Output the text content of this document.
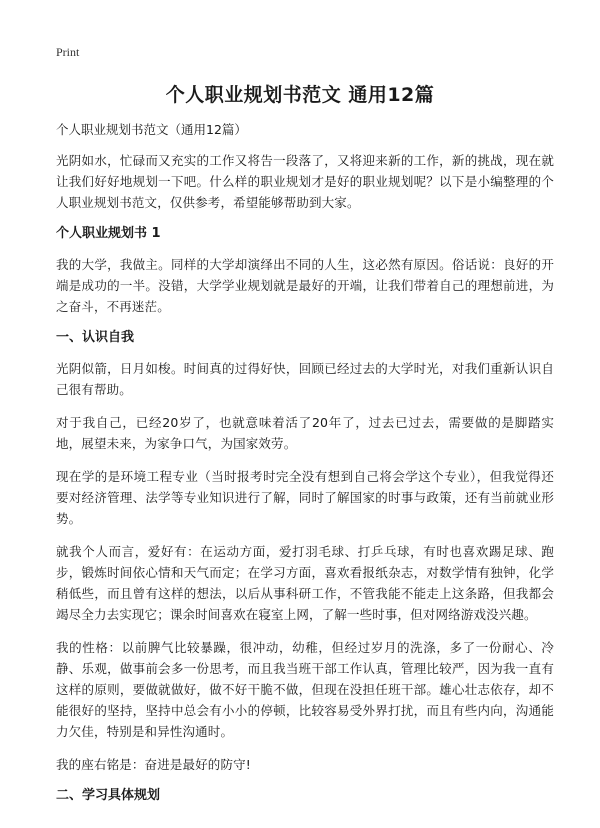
Print
个人职业规划书范文 通用12篇
个人职业规划书范文（通用12篇）

光阴如水，忙碌而又充实的工作又将告一段落了，又将迎来新的工作，新的挑战，现在就让我们好好地规划一下吧。什么样的职业规划才是好的职业规划呢？以下是小编整理的个人职业规划书范文，仅供参考，希望能够帮助到大家。

个人职业规划书 1

我的大学，我做主。同样的大学却演绎出不同的人生，这必然有原因。俗话说：良好的开端是成功的一半。没错，大学学业规划就是最好的开端，让我们带着自己的理想前进，为之奋斗，不再迷茫。

一、认识自我

光阴似箭，日月如梭。时间真的过得好快，回顾已经过去的大学时光，对我们重新认识自己很有帮助。

对于我自己，已经20岁了，也就意味着活了20年了，过去已过去，需要做的是脚踏实地，展望未来，为家争口气，为国家效劳。

现在学的是环境工程专业（当时报考时完全没有想到自己将会学这个专业），但我觉得还要对经济管理、法学等专业知识进行了解，同时了解国家的时事与政策，还有当前就业形势。

就我个人而言，爱好有：在运动方面，爱打羽毛球、打乒乓球，有时也喜欢踢足球、跑步，锻炼时间依心情和天气而定；在学习方面，喜欢看报纸杂志，对数学情有独钟，化学稍低些，而且曾有这样的想法，以后从事科研工作，不管我能不能走上这条路，但我都会竭尽全力去实现它；课余时间喜欢在寝室上网，了解一些时事，但对网络游戏没兴趣。

我的性格：以前脾气比较暴躁，很冲动，幼稚，但经过岁月的洗涤，多了一份耐心、冷静、乐观，做事前会多一份思考，而且我当班干部工作认真，管理比较严，因为我一直有这样的原则，要做就做好，做不好干脆不做，但现在没担任班干部。雄心壮志依存，却不能很好的坚持，坚持中总会有小小的停顿，比较容易受外界打扰，而且有些内向，沟通能力欠佳，特别是和异性沟通时。

我的座右铭是：奋进是最好的防守!

二、学习具体规划
